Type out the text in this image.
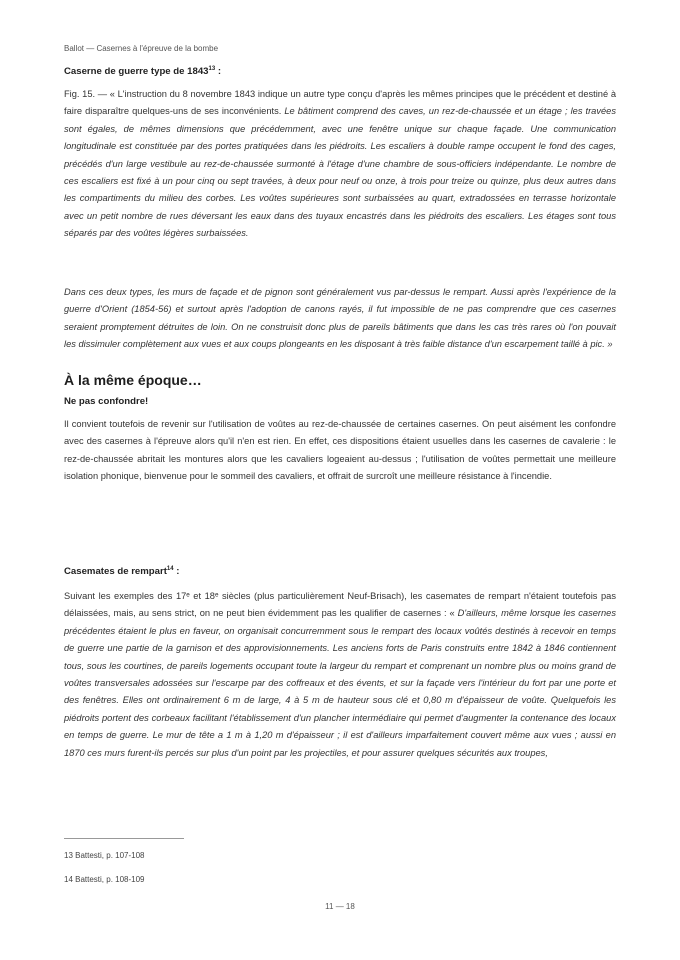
Ballot — Casernes à l'épreuve de la bombe

Caserne de guerre type de 1843$^{13}$ :

Fig. 15. — « L'instruction du 8 novembre 1843 indique un autre type conçu d'après les mêmes principes que le précédent et destiné à faire disparaître quelques-uns de ses inconvénients. Le bâtiment comprend des caves, un rez-de-chaussée et un étage ; les travées sont égales, de mêmes dimensions que précédemment, avec une fenêtre unique sur chaque façade. Une communication longitudinale est constituée par des portes pratiquées dans les piédroits. Les escaliers à double rampe occupent le fond des cages, précédés d'un large vestibule au rez-de-chaussée surmonté à l'étage d'une chambre de sous-officiers indépendante. Le nombre de ces escaliers est fixé à un pour cinq ou sept travées, à deux pour neuf ou onze, à trois pour treize ou quinze, plus deux autres dans les compartiments du milieu des corbes. Les voûtes supérieures sont surbaissées au quart, extradossées en terrasse horizontale avec un petit nombre de rues déversant les eaux dans des tuyaux encastrés dans les piédroits des escaliers. Les étages sont tous séparés par des voûtes légères surbaissées.

Dans ces deux types, les murs de façade et de pignon sont généralement vus par-dessus le rempart. Aussi après l'expérience de la guerre d'Orient (1854-56) et surtout après l'adoption de canons rayés, il fut impossible de ne pas comprendre que ces casernes seraient promptement détruites de loin. On ne construisit donc plus de pareils bâtiments que dans les cas très rares où l'on pouvait les dissimuler complètement aux vues et aux coups plongeants en les disposant à très faible distance d'un escarpement taillé à pic. »

À la même époque…

Ne pas confondre!

Il convient toutefois de revenir sur l'utilisation de voûtes au rez-de-chaussée de certaines casernes. On peut aisément les confondre avec des casernes à l'épreuve alors qu'il n'en est rien. En effet, ces dispositions étaient usuelles dans les casernes de cavalerie : le rez-de-chaussée abritait les montures alors que les cavaliers logeaient au-dessus ; l'utilisation de voûtes permettait une meilleure isolation phonique, bienvenue pour le sommeil des cavaliers, et offrait de surcroît une meilleure résistance à l'incendie.

Casemates de rempart$^{14}$ :

Suivant les exemples des 17ᵉ et 18ᵉ siècles (plus particulièrement Neuf-Brisach), les casemates de rempart n'étaient toutefois pas délaissées, mais, au sens strict, on ne peut bien évidemment pas les qualifier de casernes : « D'ailleurs, même lorsque les casernes précédentes étaient le plus en faveur, on organisait concurremment sous le rempart des locaux voûtés destinés à recevoir en temps de guerre une partie de la garnison et des approvisionnements. Les anciens forts de Paris construits entre 1842 à 1846 contiennent tous, sous les courtines, de pareils logements occupant toute la largeur du rempart et comprenant un nombre plus ou moins grand de voûtes transversales adossées sur l'escarpe par des coffreaux et des évents, et sur la façade vers l'intérieur du fort par une porte et des fenêtres. Elles ont ordinairement 6 m de large, 4 à 5 m de hauteur sous clé et 0,80 m d'épaisseur de voûte. Quelquefois les piédroits portent des corbeaux facilitant l'établissement d'un plancher intermédiaire qui permet d'augmenter la contenance des locaux en temps de guerre. Le mur de tête a 1 m à 1,20 m d'épaisseur ; il est d'ailleurs imparfaitement couvert même aux vues ; aussi en 1870 ces murs furent-ils percés sur plus d'un point par les projectiles, et pour assurer quelques sécurités aux troupes,

13 Battesti, p. 107-108
14 Battesti, p. 108-109
11 — 18
